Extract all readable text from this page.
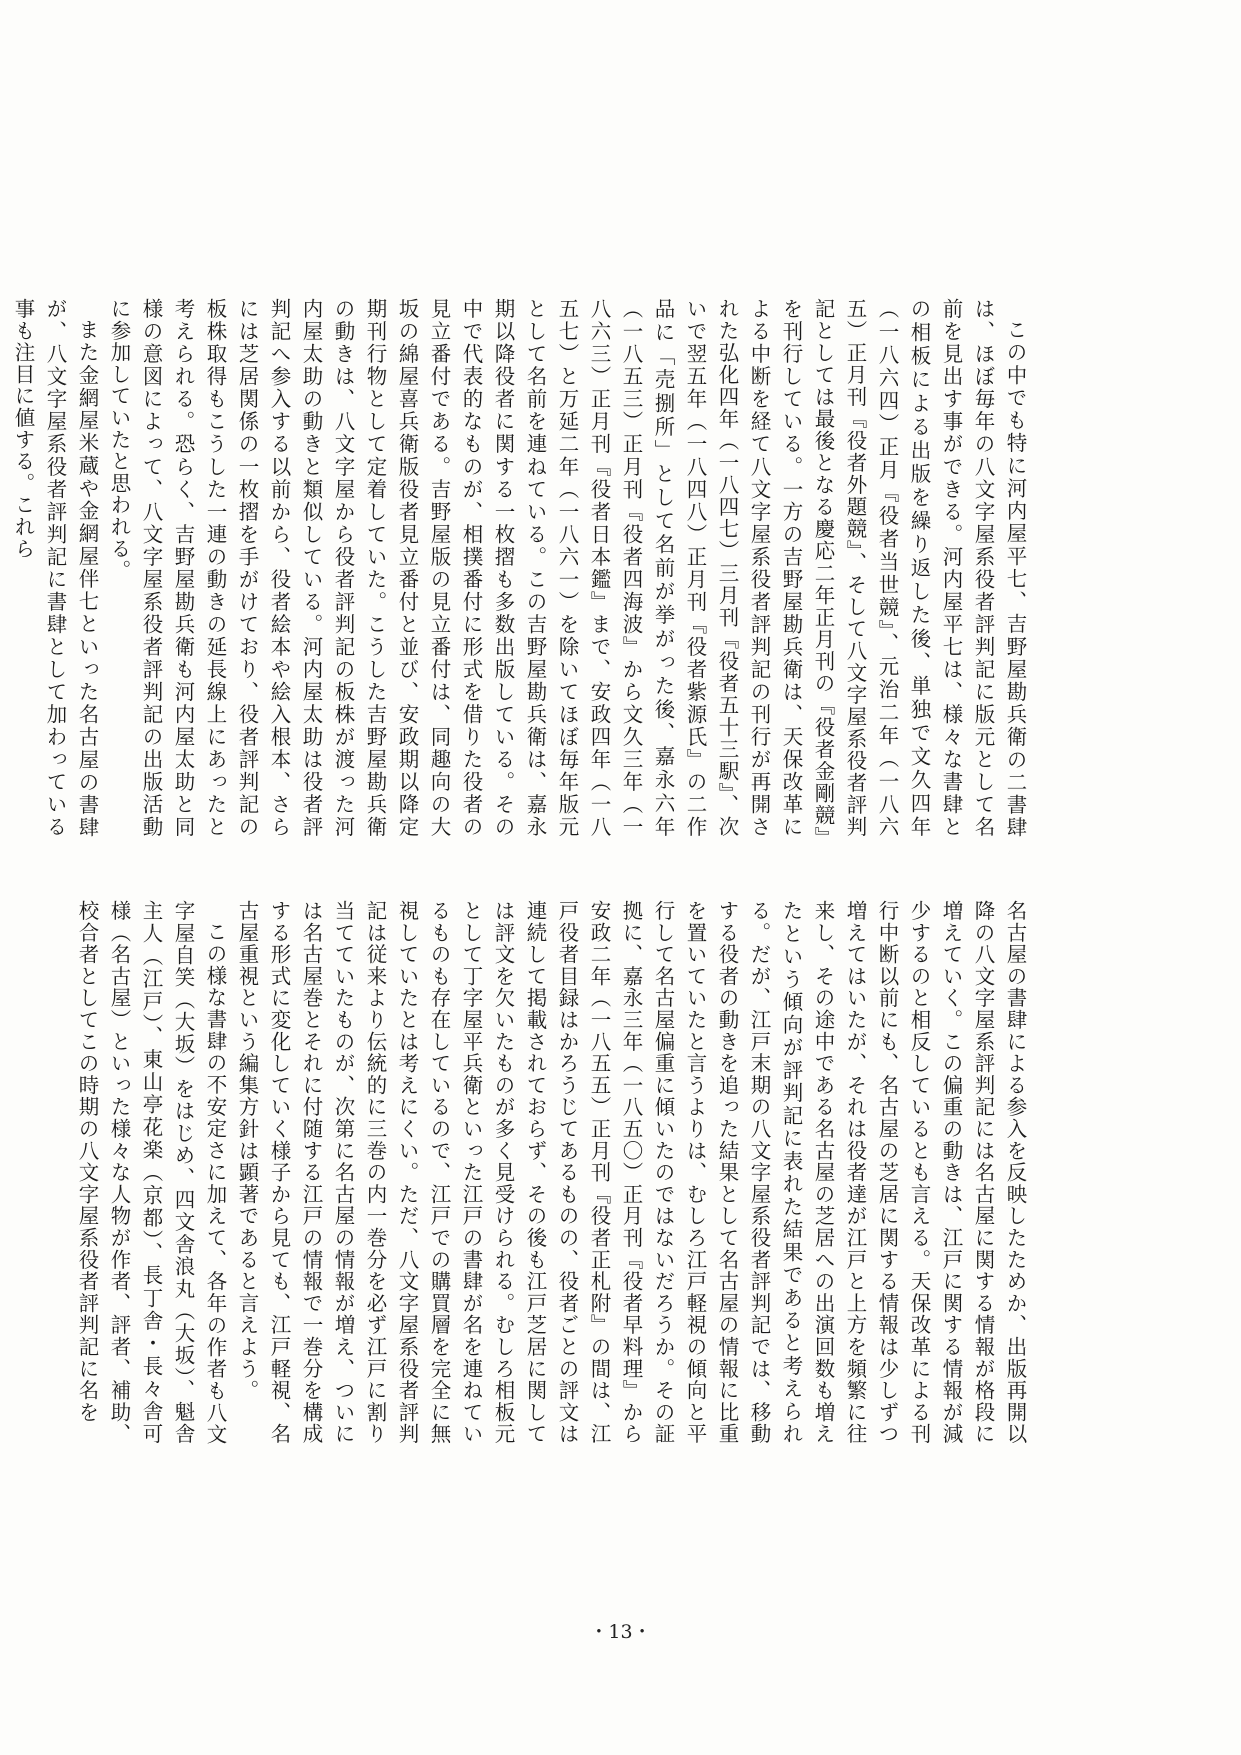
この中でも特に河内屋平七、吉野屋勘兵衛の二書肆は、ほぼ毎年の八文字屋系役者評判記に版元として名前を見出す事ができる。河内屋平七は、様々な書肆との相板による出版を繰り返した後、単独で文久四年（一八六四）正月『役者当世競』、元治二年（一八六五）正月刊『役者外題競』、そして八文字屋系役者評判記としては最後となる慶応二年正月刊の『役者金剛競』を刊行している。一方の吉野屋勘兵衛は、天保改革による中断を経て八文字屋系役者評判記の刊行が再開された弘化四年（一八四七）三月刊『役者五十三駅』、次いで翌五年（一八四八）正月刊『役者紫源氏』の二作品に「売捌所」として名前が挙がった後、嘉永六年（一八五三）正月刊『役者四海波』から文久三年（一八六三）正月刊『役者日本鑑』まで、安政四年（一八五七）と万延二年（一八六一）を除いてほぼ毎年版元として名前を連ねている。この吉野屋勘兵衛は、嘉永期以降役者に関する一枚摺も多数出版している。その中で代表的なものが、相撲番付に形式を借りた役者の見立番付である。吉野屋版の見立番付は、同趣向の大坂の綿屋喜兵衛版役者見立番付と並び、安政期以降定期刊行物として定着していた。こうした吉野屋勘兵衛の動きは、八文字屋から役者評判記の板株が渡った河内屋太助の動きと類似している。河内屋太助は役者評判記へ参入する以前から、役者絵本や絵入根本、さらには芝居関係の一枚摺を手がけており、役者評判記の板株取得もこうした一連の動きの延長線上にあったと考えられる。恐らく、吉野屋勘兵衛も河内屋太助と同様の意図によって、八文字屋系役者評判記の出版活動に参加していたと思われる。

また金網屋米蔵や金網屋伴七といった名古屋の書肆が、八文字屋系役者評判記に書肆として加わっている事も注目に値する。これら

名古屋の書肆による参入を反映したためか、出版再開以降の八文字屋系評判記には名古屋に関する情報が格段に増えていく。この偏重の動きは、江戸に関する情報が減少するのと相反しているとも言える。天保改革による刊行中断以前にも、名古屋の芝居に関する情報は少しずつ増えてはいたが、それは役者達が江戸と上方を頻繁に往来し、その途中である名古屋の芝居への出演回数も増えたという傾向が評判記に表れた結果であると考えられる。だが、江戸末期の八文字屋系役者評判記では、移動する役者の動きを追った結果として名古屋の情報に比重を置いていたと言うよりは、むしろ江戸軽視の傾向と平行して名古屋偏重に傾いたのではないだろうか。その証拠に、嘉永三年（一八五〇）正月刊『役者早料理』から安政二年（一八五五）正月刊『役者正札附』の間は、江戸役者目録はかろうじてあるものの、役者ごとの評文は連続して掲載されておらず、その後も江戸芝居に関しては評文を欠いたものが多く見受けられる。むしろ相板元として丁字屋平兵衛といった江戸の書肆が名を連ねているものも存在しているので、江戸での購買層を完全に無視していたとは考えにくい。ただ、八文字屋系役者評判記は従来より伝統的に三巻の内一巻分を必ず江戸に割り当てていたものが、次第に名古屋の情報が増え、ついには名古屋巻とそれに付随する江戸の情報で一巻分を構成する形式に変化していく様子から見ても、江戸軽視、名古屋重視という編集方針は顕著であると言えよう。

この様な書肆の不安定さに加えて、各年の作者も八文字屋自笑（大坂）をはじめ、四文舎浪丸（大坂）、魁舎主人（江戸）、東山亭花楽（京都）、長丁舎・長々舎可様（名古屋）といった様々な人物が作者、評者、補助、校合者としてこの時期の八文字屋系役者評判記に名を

・13・
